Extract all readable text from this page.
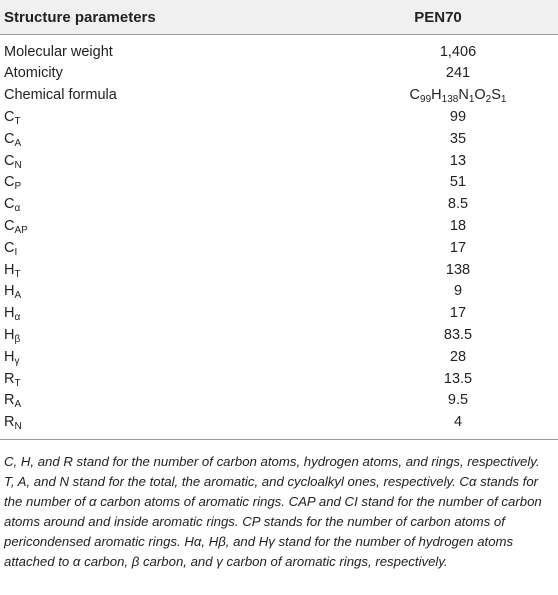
Structure parameters	PEN70
Molecular weight	1,406
Atomicity	241
Chemical formula	$C_{99}H_{138}N_1O_2S_1$
$C_T$	99
$C_A$	35
$C_N$	13
$C_P$	51
$C_\alpha$	8.5
$C_{AP}$	18
$C_I$	17
$H_T$	138
$H_A$	9
$H_\alpha$	17
$H_\beta$	83.5
$H_\gamma$	28
$R_T$	13.5
$R_A$	9.5
$R_N$	4
C, H, and R stand for the number of carbon atoms, hydrogen atoms, and rings, respectively. T, A, and N stand for the total, the aromatic, and cycloalkyl ones, respectively. Cα stands for the number of α carbon atoms of aromatic rings. CAP and CI stand for the number of carbon atoms around and inside aromatic rings. CP stands for the number of carbon atoms of pericondensed aromatic rings. Hα, Hβ, and Hγ stand for the number of hydrogen atoms attached to α carbon, β carbon, and γ carbon of aromatic rings, respectively.
